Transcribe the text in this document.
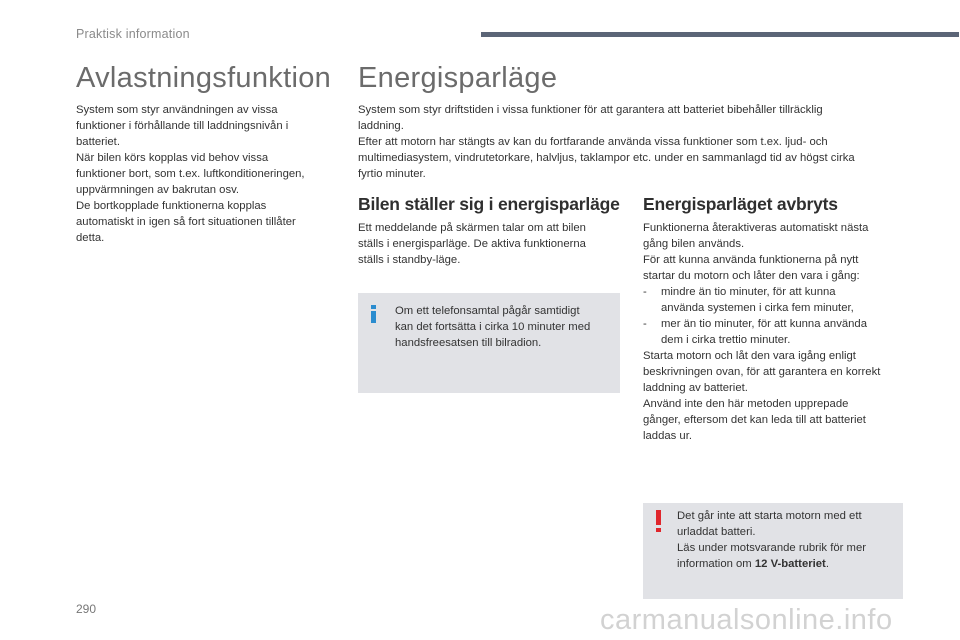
Praktisk information
Avlastningsfunktion Energisparläge

System som styr användningen av vissa

funktioner i förhållande till laddningsnivån i

batteriet.

När bilen körs kopplas vid behov vissa

funktioner bort, som t.ex. luftkonditioneringen,

uppvärmningen av bakrutan osv.

De bortkopplade funktionerna kopplas

automatiskt in igen så fort situationen tillåter

detta.

System som styr driftstiden i vissa funktioner för att garantera att batteriet bibehåller tillräcklig

laddning.

Efter att motorn har stängts av kan du fortfarande använda vissa funktioner som t.ex. ljud- och

multimediasystem, vindrutetorkare, halvljus, taklampor etc. under en sammanlagd tid av högst cirka

fyrtio minuter.

Bilen ställer sig i energisparläge Energisparläget avbryts

Ett meddelande på skärmen talar om att bilen

ställs i energisparläge. De aktiva funktionerna

ställs i standby-läge.

Om ett telefonsamtal pågår samtidigt

kan det fortsätta i cirka 10 minuter med

handsfreesatsen till bilradion.

Funktionerna återaktiveras automatiskt nästa

gång bilen används.

För att kunna använda funktionerna på nytt

startar du motorn och låter den vara i gång:

-	mindre än tio minuter, för att kunna

använda systemen i cirka fem minuter,

-	mer än tio minuter, för att kunna använda

dem i cirka trettio minuter.

Starta motorn och låt den vara igång enligt

beskrivningen ovan, för att garantera en korrekt

laddning av batteriet.

Använd inte den här metoden upprepade

gånger, eftersom det kan leda till att batteriet

laddas ur.

Det går inte att starta motorn med ett

urladdat batteri.

Läs under motsvarande rubrik för mer

information om 12 V-batteriet.

290	carmanualsonline.info
